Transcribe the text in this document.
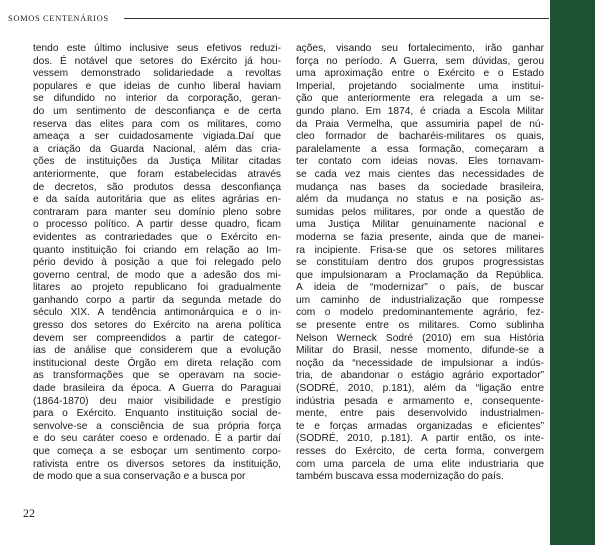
SOMOS CENTENÁRIOS
tendo este último inclusive seus efetivos reduzi-
dos. É notável que setores do Exército já hou-
vessem demonstrado solidariedade a revoltas
populares e que ideias de cunho liberal haviam
se difundido no interior da corporação, geran-
do um sentimento de desconfiança e de certa
reserva das elites para com os militares, como
ameaça a ser cuidadosamente vigiada.Daí que
a criação da Guarda Nacional, além das cria-
ções de instituições da Justiça Militar citadas
anteriormente, que foram estabelecidas através
de decretos, são produtos dessa desconfiança
e da saída autoritária que as elites agrárias en-
contraram para manter seu domínio pleno sobre
o processo político. A partir desse quadro, ficam
evidentes as contrariedades que o Exército en-
quanto instituição foi criando em relação ao Im-
pério devido à posição a que foi relegado pelo
governo central, de modo que a adesão dos mi-
litares ao projeto republicano foi gradualmente
ganhando corpo a partir da segunda metade do
século XIX. A tendência antimonárquica e o in-
gresso dos setores do Exército na arena política
devem ser compreendidos a partir de categor-
ias de análise que considerem que a evolução
institucional deste Órgão em direta relação com
as transformações que se operavam na socie-
dade brasileira da época. A Guerra do Paraguai
(1864-1870) deu maior visibilidade e prestígio
para o Exército. Enquanto instituição social de-
senvolve-se a consciência de sua própria força
e do seu caráter coeso e ordenado. É a partir daí
que começa a se esboçar um sentimento corpo-
rativista entre os diversos setores da instituição,
de modo que a sua conservação e a busca por
ações, visando seu fortalecimento, irão ganhar
força no período. A Guerra, sem dúvidas, gerou
uma aproximação entre o Exército e o Estado
Imperial, projetando socialmente uma institui-
ção que anteriormente era relegada a um se-
gundo plano. Em 1874, é criada a Escola Militar
da Praia Vermelha, que assumiria papel de nú-
cleo formador de bacharéis-militares os quais,
paralelamente a essa formação, começaram a
ter contato com ideias novas. Eles tornavam-
se cada vez mais cientes das necessidades de
mudança nas bases da sociedade brasileira,
além da mudança no status e na posição as-
sumidas pelos militares, por onde a questão de
uma Justiça Militar genuinamente nacional e
moderna se fazia presente, ainda que de manei-
ra incipiente. Frisa-se que os setores militares
se constituíam dentro dos grupos progressistas
que impulsionaram a Proclamação da República.
A ideia de “modernizar” o país, de buscar
um caminho de industrialização que rompesse
com o modelo predominantemente agrário, fez-
se presente entre os militares. Como sublinha
Nelson Werneck Sodré (2010) em sua História
Militar do Brasil, nesse momento, difunde-se a
noção da “necessidade de impulsionar a indús-
tria, de abandonar o estágio agrário exportador”
(SODRÉ, 2010, p.181), além da “ligação entre
indústria pesada e armamento e, consequente-
mente, entre pais desenvolvido industrialmen-
te e forças armadas organizadas e eficientes”
(SODRÉ, 2010, p.181). A partir então, os inte-
resses do Exército, de certa forma, convergem
com uma parcela de uma elite industriaria que
também buscava essa modernização do país.
22
